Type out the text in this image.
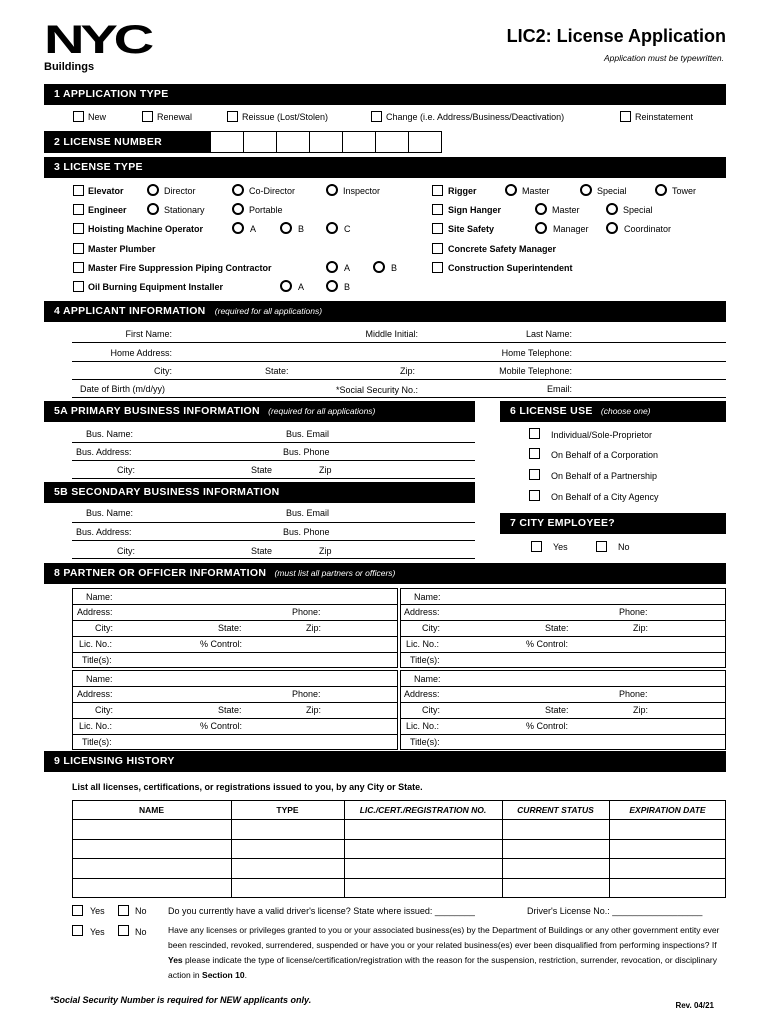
NYC
Buildings
LIC2: License Application
Application must be typewritten.
1 APPLICATION TYPE
New	Renewal	Reissue (Lost/Stolen)	Change (i.e. Address/Business/Deactivation)	Reinstatement
2 LICENSE NUMBER
3 LICENSE TYPE
Elevator	Director	Co-Director	Inspector	Rigger	Master	Special	Tower
Engineer	Stationary	Portable	Sign Hanger	Master	Special
Hoisting Machine Operator	A	B	C	Site Safety	Manager	Coordinator
Master Plumber	Concrete Safety Manager
Master Fire Suppression Piping Contractor	A	B	Construction Superintendent
Oil Burning Equipment Installer	A	B
4 APPLICANT INFORMATION (required for all applications)
First Name:	Middle Initial:	Last Name:
Home Address:	Home Telephone:
City:	State:	Zip:	Mobile Telephone:
Date of Birth (m/d/yy)	*Social Security No.:	Email:
5A PRIMARY BUSINESS INFORMATION (required for all applications)
Bus. Name:	Bus. Email
Bus. Address:	Bus. Phone
City:	State	Zip
5B SECONDARY BUSINESS INFORMATION
Bus. Name:	Bus. Email
Bus. Address:	Bus. Phone
City:	State	Zip
6 LICENSE USE (choose one)
Individual/Sole-Proprietor
On Behalf of a Corporation
On Behalf of a Partnership
On Behalf of a City Agency
7 CITY EMPLOYEE?
Yes	No
8 PARTNER OR OFFICER INFORMATION (must list all partners or officers)
Name:
Address:	Phone:
City:	State:	Zip:
Lic. No.:	% Control:
Title(s):
Name:
Address:	Phone:
City:	State:	Zip:
Lic. No.:	% Control:
Title(s):
Name:
Address:	Phone:
City:	State:	Zip:
Lic. No.:	% Control:
Title(s):
Name:
Address:	Phone:
City:	State:	Zip:
Lic. No.:	% Control:
Title(s):
9 LICENSING HISTORY
List all licenses, certifications, or registrations issued to you, by any City or State.
NAME	TYPE	LIC./CERT./REGISTRATION NO.	CURRENT STATUS	EXPIRATION DATE
Yes	No Do you currently have a valid driver's license? State where issued: ________	Driver's License No.: __________________
Yes	No	Have any licenses or privileges granted to you or your associated business(es) by the Department of Buildings or any other government entity ever been rescinded, revoked, surrendered, suspended or have you or your related business(es) ever been disqualified from performing inspections? If Yes please indicate the type of license/certification/registration with the reason for the suspension, restriction, surrender, revocation, or disciplinary action in Section 10.
*Social Security Number is required for NEW applicants only.
Rev. 04/21
